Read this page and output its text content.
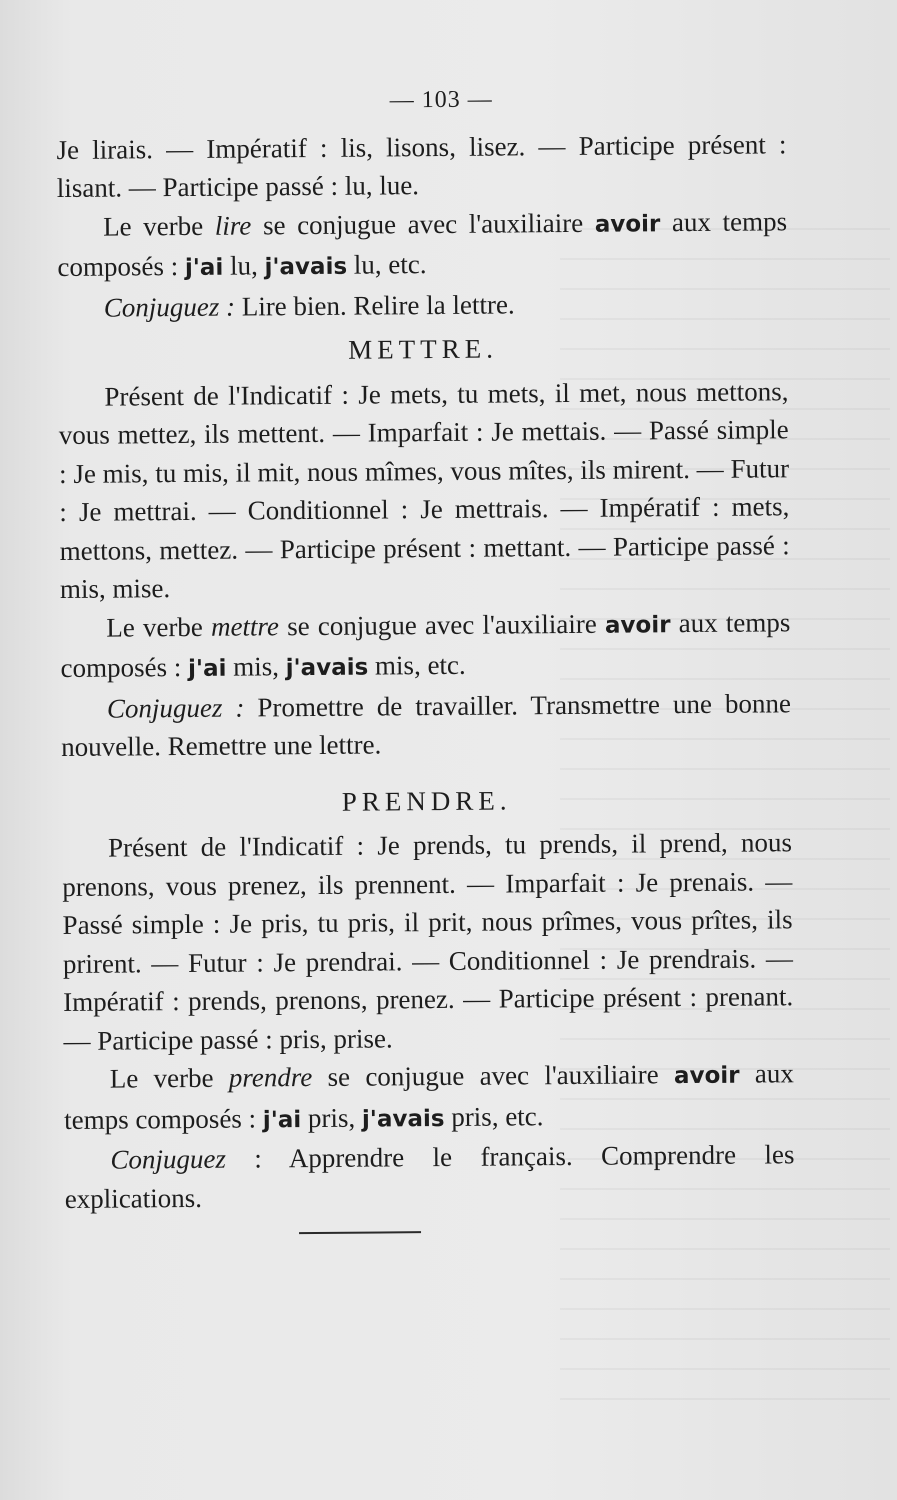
— 103 —

Je lirais. — Impératif : lis, lisons, lisez. — Participe présent : lisant. — Participe passé : lu, lue.

Le verbe lire se conjugue avec l'auxiliaire avoir aux temps composés : j'ai lu, j'avais lu, etc.

Conjuguez : Lire bien. Relire la lettre.

METTRE.

Présent de l'Indicatif : Je mets, tu mets, il met, nous mettons, vous mettez, ils mettent. — Imparfait : Je mettais. — Passé simple : Je mis, tu mis, il mit, nous mîmes, vous mîtes, ils mirent. — Futur : Je mettrai. — Conditionnel : Je mettrais. — Impératif : mets, mettons, mettez. — Participe présent : mettant. — Participe passé : mis, mise.

Le verbe mettre se conjugue avec l'auxiliaire avoir aux temps composés : j'ai mis, j'avais mis, etc.

Conjuguez : Promettre de travailler. Transmettre une bonne nouvelle. Remettre une lettre.

PRENDRE.

Présent de l'Indicatif : Je prends, tu prends, il prend, nous prenons, vous prenez, ils prennent. — Imparfait : Je prenais. — Passé simple : Je pris, tu pris, il prit, nous prîmes, vous prîtes, ils prirent. — Futur : Je prendrai. — Conditionnel : Je prendrais. — Impératif : prends, prenons, prenez. — Participe présent : prenant. — Participe passé : pris, prise.

Le verbe prendre se conjugue avec l'auxiliaire avoir aux temps composés : j'ai pris, j'avais pris, etc.

Conjuguez : Apprendre le français. Comprendre les explications.
